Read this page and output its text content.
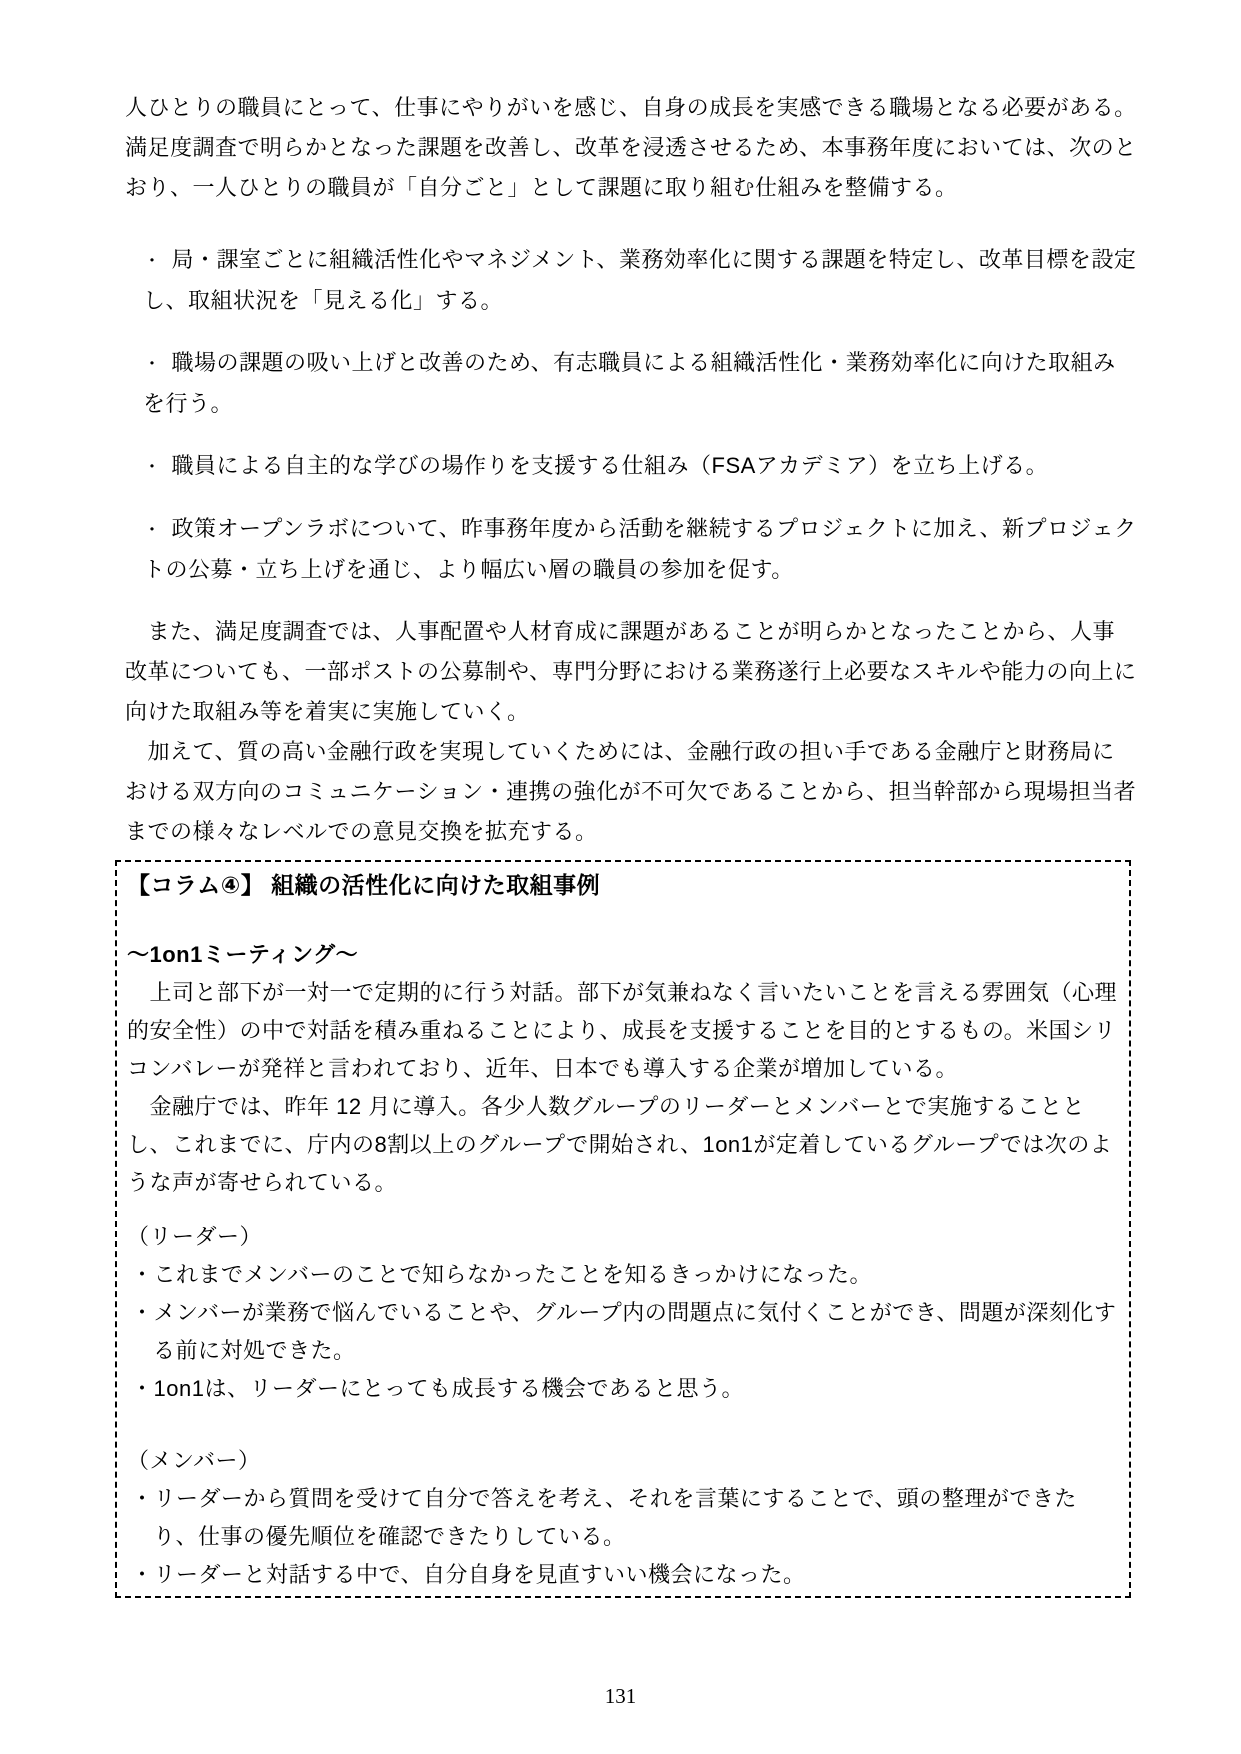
人ひとりの職員にとって、仕事にやりがいを感じ、自身の成長を実感できる職場となる必要がある。満足度調査で明らかとなった課題を改善し、改革を浸透させるため、本事務年度においては、次のとおり、一人ひとりの職員が「自分ごと」として課題に取り組む仕組みを整備する。

・ 局・課室ごとに組織活性化やマネジメント、業務効率化に関する課題を特定し、改革目標を設定し、取組状況を「見える化」する。
・ 職場の課題の吸い上げと改善のため、有志職員による組織活性化・業務効率化に向けた取組みを行う。
・ 職員による自主的な学びの場作りを支援する仕組み（FSAアカデミア）を立ち上げる。
・ 政策オープンラボについて、昨事務年度から活動を継続するプロジェクトに加え、新プロジェクトの公募・立ち上げを通じ、より幅広い層の職員の参加を促す。

　また、満足度調査では、人事配置や人材育成に課題があることが明らかとなったことから、人事改革についても、一部ポストの公募制や、専門分野における業務遂行上必要なスキルや能力の向上に向けた取組み等を着実に実施していく。

　加えて、質の高い金融行政を実現していくためには、金融行政の担い手である金融庁と財務局における双方向のコミュニケーション・連携の強化が不可欠であることから、担当幹部から現場担当者までの様々なレベルでの意見交換を拡充する。

【コラム④】 組織の活性化に向けた取組事例
～1on1ミーティング～

　上司と部下が一対一で定期的に行う対話。部下が気兼ねなく言いたいことを言える雰囲気（心理的安全性）の中で対話を積み重ねることにより、成長を支援することを目的とするもの。米国シリコンバレーが発祥と言われており、近年、日本でも導入する企業が増加している。

　金融庁では、昨年 12 月に導入。各少人数グループのリーダーとメンバーとで実施することとし、これまでに、庁内の8割以上のグループで開始され、1on1が定着しているグループでは次のような声が寄せられている。

（リーダー）
・これまでメンバーのことで知らなかったことを知るきっかけになった。
・メンバーが業務で悩んでいることや、グループ内の問題点に気付くことができ、問題が深刻化する前に対処できた。
・1on1は、リーダーにとっても成長する機会であると思う。
（メンバー）
・リーダーから質問を受けて自分で答えを考え、それを言葉にすることで、頭の整理ができたり、仕事の優先順位を確認できたりしている。
・リーダーと対話する中で、自分自身を見直すいい機会になった。
131
